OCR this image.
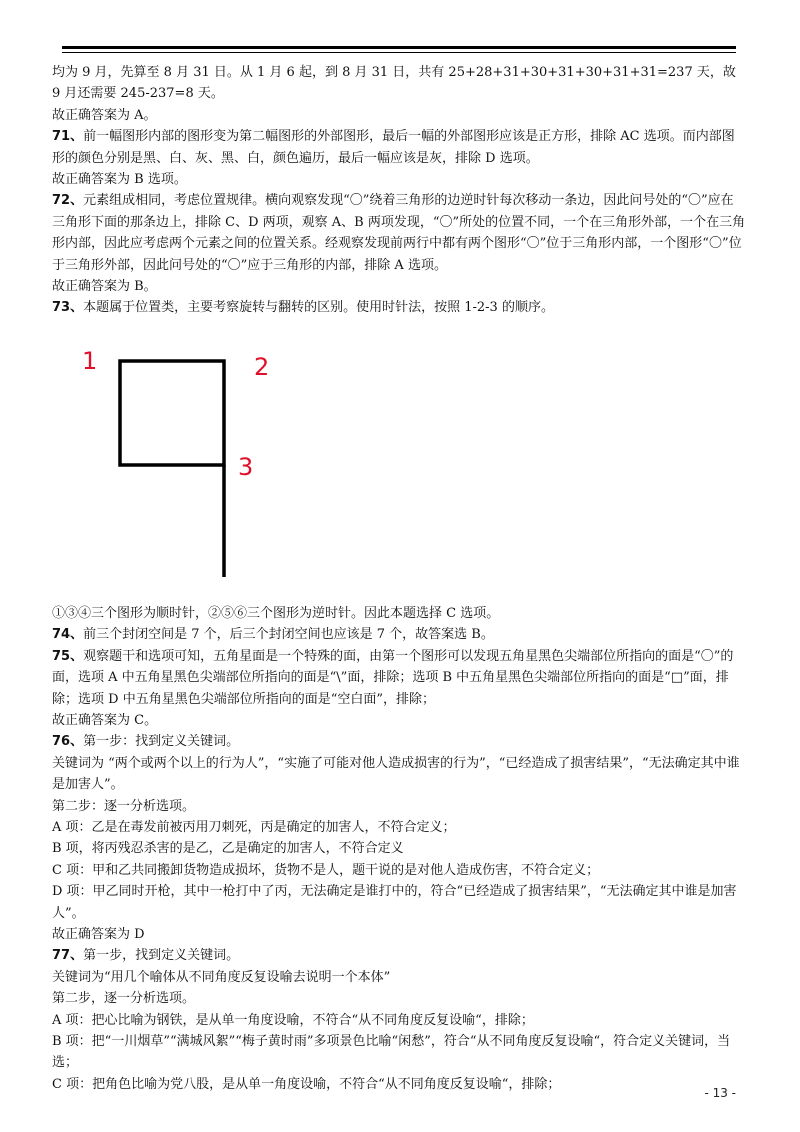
均为 9 月，先算至 8 月 31 日。从 1 月 6 起，到 8 月 31 日，共有 25+28+31+30+31+30+31+31=237 天，故 9 月还需要 245-237=8 天。

故正确答案为 A。

71、前一幅图形内部的图形变为第二幅图形的外部图形，最后一幅的外部图形应该是正方形，排除 AC 选项。而内部图形的颜色分别是黑、白、灰、黑、白，颜色遍历，最后一幅应该是灰，排除 D 选项。

故正确答案为 B 选项。

72、元素组成相同，考虑位置规律。横向观察发现“〇”绕着三角形的边逆时针每次移动一条边，因此问号处的“〇”应在三角形下面的那条边上，排除 C、D 两项，观察 A、B 两项发现，“〇”所处的位置不同，一个在三角形外部，一个在三角形内部，因此应考虑两个元素之间的位置关系。经观察发现前两行中都有两个图形“〇”位于三角形内部，一个图形“〇”位于三角形外部，因此问号处的“〇”应于三角形的内部，排除 A 选项。

故正确答案为 B。

73、本题属于位置类，主要考察旋转与翻转的区别。使用时针法，按照 1-2-3 的顺序。

1	2
3

①③④三个图形为顺时针，②⑤⑥三个图形为逆时针。因此本题选择 C 选项。

74、前三个封闭空间是 7 个，后三个封闭空间也应该是 7 个，故答案选 B。

75、观察题干和选项可知，五角星面是一个特殊的面，由第一个图形可以发现五角星黑色尖端部位所指向的面是“〇”的面，选项 A 中五角星黑色尖端部位所指向的面是“\”面，排除；选项 B 中五角星黑色尖端部位所指向的面是“□”面，排除；选项 D 中五角星黑色尖端部位所指向的面是“空白面”，排除；

故正确答案为 C。

76、第一步：找到定义关键词。

关键词为 “两个或两个以上的行为人”，“实施了可能对他人造成损害的行为”，“已经造成了损害结果”，“无法确定其中谁是加害人”。

第二步：逐一分析选项。

A 项：乙是在毒发前被丙用刀刺死，丙是确定的加害人，不符合定义；

B 项，将丙残忍杀害的是乙，乙是确定的加害人，不符合定义

C 项：甲和乙共同搬卸货物造成损坏，货物不是人，题干说的是对他人造成伤害，不符合定义；

D 项：甲乙同时开枪，其中一枪打中了丙，无法确定是谁打中的，符合“已经造成了损害结果”，“无法确定其中谁是加害人”。

故正确答案为 D

77、第一步，找到定义关键词。

关键词为“用几个喻体从不同角度反复设喻去说明一个本体”

第二步，逐一分析选项。

A 项：把心比喻为钢铁，是从单一角度设喻，不符合“从不同角度反复设喻“，排除；

B 项：把“一川烟草”“满城风絮”“梅子黄时雨”多项景色比喻“闲愁”，符合“从不同角度反复设喻“，符合定义关键词，当选；

C 项：把角色比喻为党八股，是从单一角度设喻，不符合“从不同角度反复设喻“，排除；

- 13 -
